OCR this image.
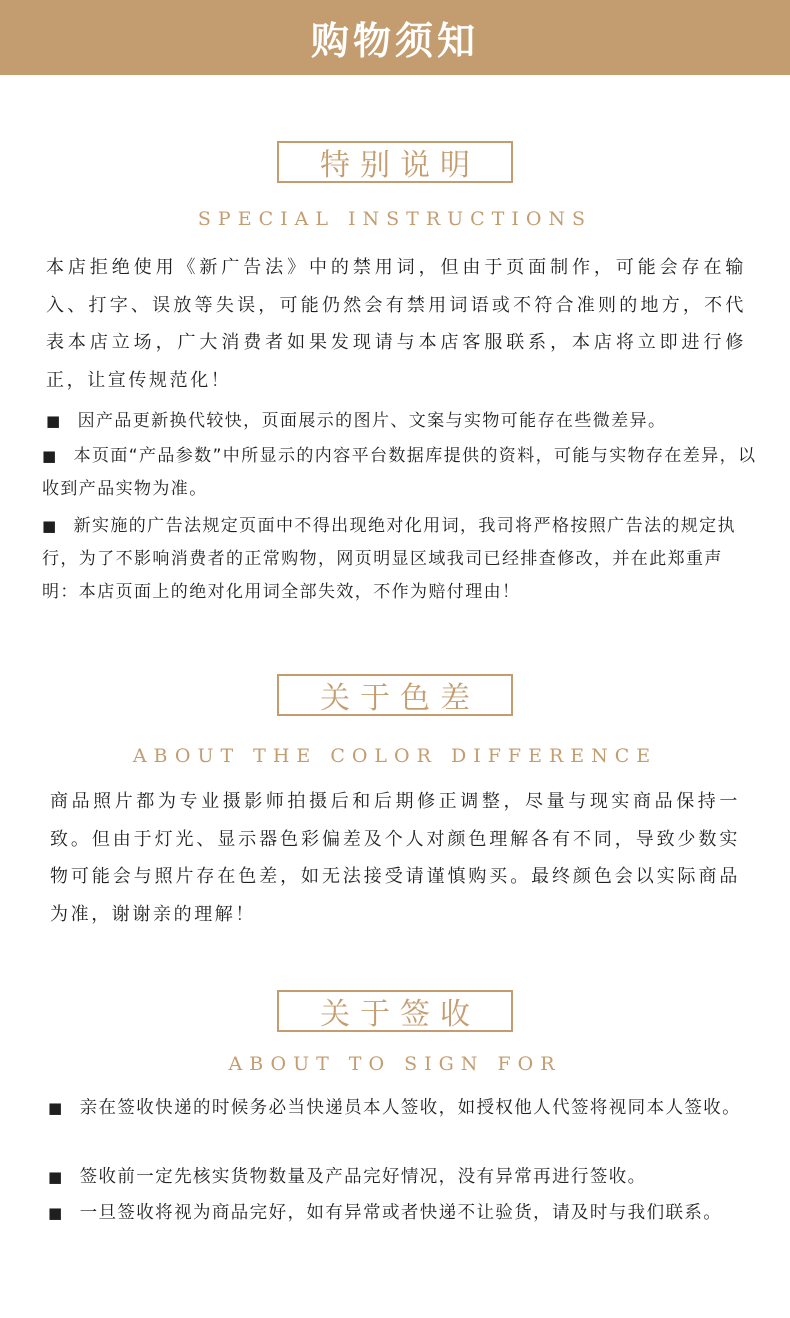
购物须知
特别说明
SPECIAL INSTRUCTIONS
本店拒绝使用《新广告法》中的禁用词，但由于页面制作，可能会存在输入、打字、误放等失误，可能仍然会有禁用词语或不符合准则的地方，不代表本店立场，广大消费者如果发现请与本店客服联系，本店将立即进行修正，让宣传规范化！
■ 因产品更新换代较快，页面展示的图片、文案与实物可能存在些微差异。
■ 本页面“产品参数”中所显示的内容平台数据库提供的资料，可能与实物存在差异，以收到产品实物为准。
■ 新实施的广告法规定页面中不得出现绝对化用词，我司将严格按照广告法的规定执行，为了不影响消费者的正常购物，网页明显区域我司已经排查修改，并在此郑重声明：本店页面上的绝对化用词全部失效，不作为赔付理由！
关于色差
ABOUT THE COLOR DIFFERENCE
商品照片都为专业摄影师拍摄后和后期修正调整，尽量与现实商品保持一致。但由于灯光、显示器色彩偏差及个人对颜色理解各有不同，导致少数实物可能会与照片存在色差，如无法接受请谨慎购买。最终颜色会以实际商品为准，谢谢亲的理解！
关于签收
ABOUT TO SIGN FOR
■ 亲在签收快递的时候务必当快递员本人签收，如授权他人代签将视同本人签收。
■ 签收前一定先核实货物数量及产品完好情况，没有异常再进行签收。
■ 一旦签收将视为商品完好，如有异常或者快递不让验货，请及时与我们联系。
